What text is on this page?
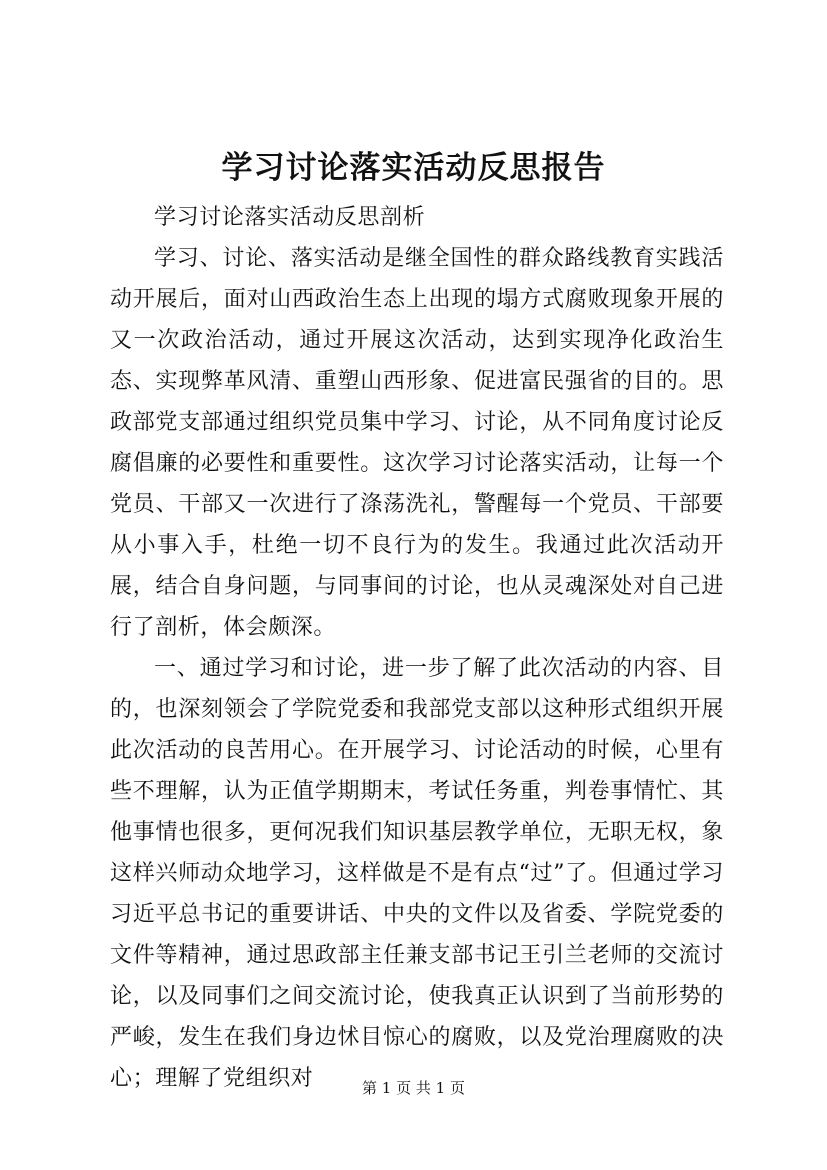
学习讨论落实活动反思报告

学习讨论落实活动反思剖析

学习、讨论、落实活动是继全国性的群众路线教育实践活动开展后，面对山西政治生态上出现的塌方式腐败现象开展的又一次政治活动，通过开展这次活动，达到实现净化政治生态、实现弊革风清、重塑山西形象、促进富民强省的目的。思政部党支部通过组织党员集中学习、讨论，从不同角度讨论反腐倡廉的必要性和重要性。这次学习讨论落实活动，让每一个党员、干部又一次进行了涤荡洗礼，警醒每一个党员、干部要从小事入手，杜绝一切不良行为的发生。我通过此次活动开展，结合自身问题，与同事间的讨论，也从灵魂深处对自己进行了剖析，体会颇深。

一、通过学习和讨论，进一步了解了此次活动的内容、目的，也深刻领会了学院党委和我部党支部以这种形式组织开展此次活动的良苦用心。在开展学习、讨论活动的时候，心里有些不理解，认为正值学期期末，考试任务重，判卷事情忙、其他事情也很多，更何况我们知识基层教学单位，无职无权，象这样兴师动众地学习，这样做是不是有点“过”了。但通过学习习近平总书记的重要讲话、中央的文件以及省委、学院党委的文件等精神，通过思政部主任兼支部书记王引兰老师的交流讨论，以及同事们之间交流讨论，使我真正认识到了当前形势的严峻，发生在我们身边怵目惊心的腐败，以及党治理腐败的决心；理解了党组织对	第 1 页 共 1 页
